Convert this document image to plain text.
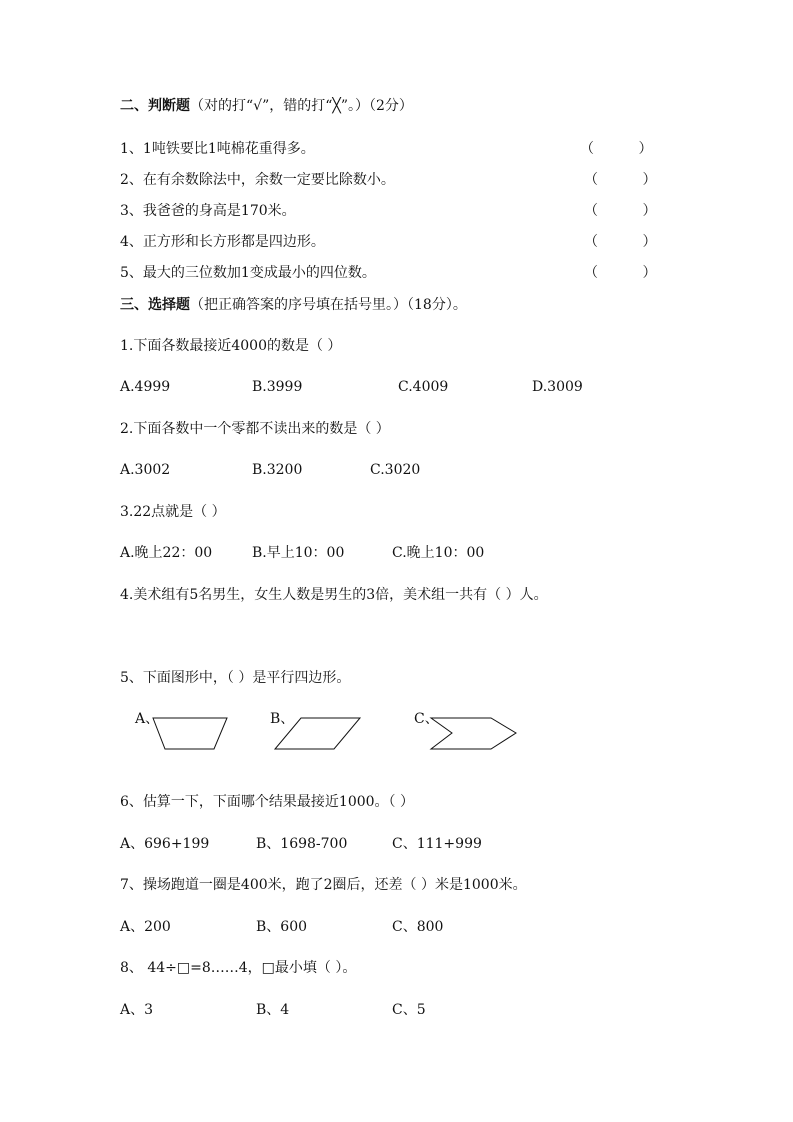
二、判断题（对的打“√”，错的打“╳”。）（2分）
1、1吨铁要比1吨棉花重得多。	（          ）
2、在有余数除法中，余数一定要比除数小。	（          ）
3、我爸爸的身高是170米。	（          ）
4、正方形和长方形都是四边形。	（          ）
5、最大的三位数加1变成最小的四位数。	（          ）
三、选择题（把正确答案的序号填在括号里。）（18分）。
1.下面各数最接近4000的数是（ ）
A.4999	B.3999	C.4009	D.3009
2.下面各数中一个零都不读出来的数是（ ）
A.3002	B.3200	C.3020
3.22点就是（ ）
A.晚上22：00	B.早上10：00	C.晚上10：00
4.美术组有5名男生，女生人数是男生的3倍，美术组一共有（ ）人。
5、下面图形中，（ ）是平行四边形。
A、	B、	C、
6、估算一下，下面哪个结果最接近1000。（ ）
A、696+199	B、1698-700	C、111+999
7、操场跑道一圈是400米，跑了2圈后，还差（ ）米是1000米。
A、200	B、600	C、800
8、 44÷□=8……4，□最小填（ ）。
A、3	B、4	C、5
